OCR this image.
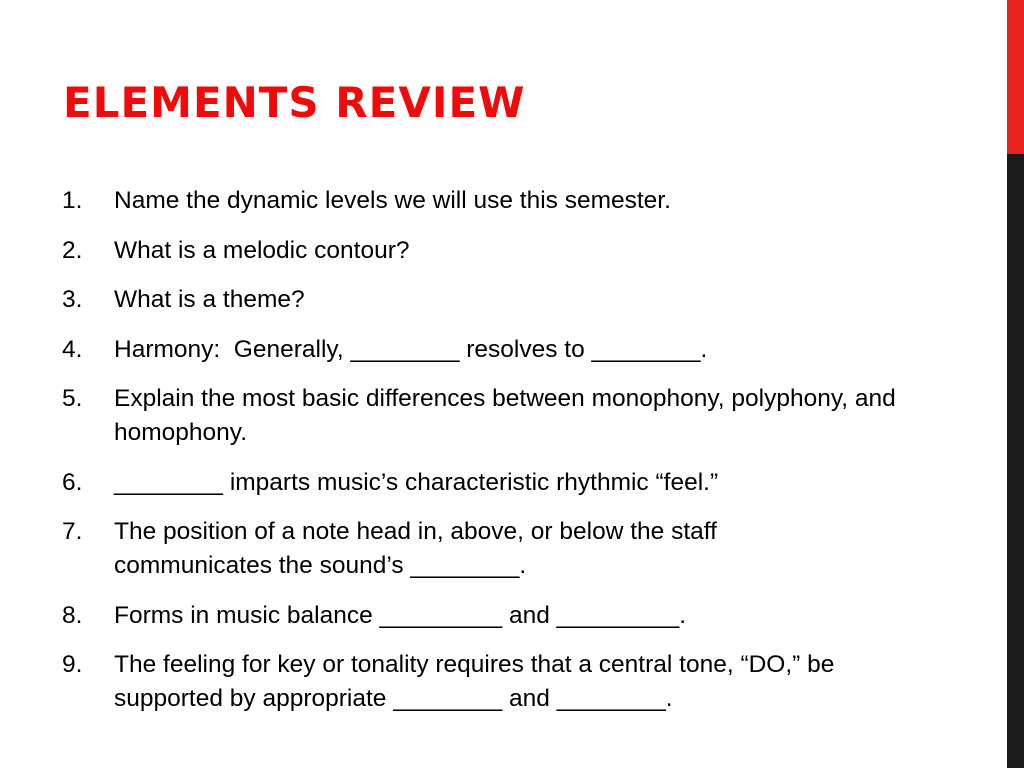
ELEMENTS REVIEW
1. Name the dynamic levels we will use this semester.
2. What is a melodic contour?
3. What is a theme?
4. Harmony:  Generally, ________ resolves to ________.
5. Explain the most basic differences between monophony, polyphony, and homophony.
6. ________ imparts music’s characteristic rhythmic “feel.”
7. The position of a note head in, above, or below the staff communicates the sound’s ________.
8. Forms in music balance _________ and _________.
9. The feeling for key or tonality requires that a central tone, “DO,” be supported by appropriate ________ and ________.
